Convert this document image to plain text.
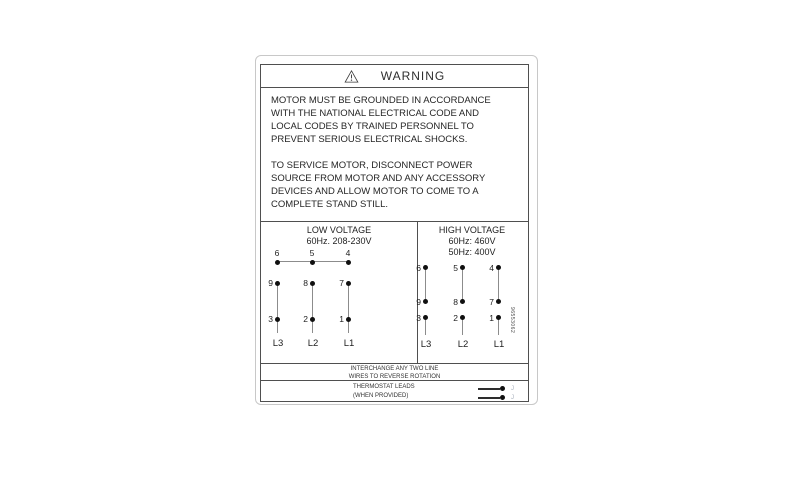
WARNING
MOTOR MUST BE GROUNDED IN ACCORDANCE
WITH THE NATIONAL ELECTRICAL CODE AND
LOCAL CODES BY TRAINED PERSONNEL TO
PREVENT SERIOUS ELECTRICAL SHOCKS.
TO SERVICE MOTOR, DISCONNECT POWER
SOURCE FROM MOTOR AND ANY ACCESSORY
DEVICES AND ALLOW MOTOR TO COME TO A
COMPLETE STAND STILL.
LOW VOLTAGE
60Hz. 208-230V
6	5	4
9	8	7
3	2	1
L3	L2	L1
HIGH VOLTAGE
60Hz: 460V
50Hz: 400V
6	5	4
9	8	7
3	2	1
L3	L2	L1
96553062
INTERCHANGE ANY TWO LINE
WIRES TO REVERSE ROTATION
THERMOSTAT LEADS
(WHEN PROVIDED)
J
J
